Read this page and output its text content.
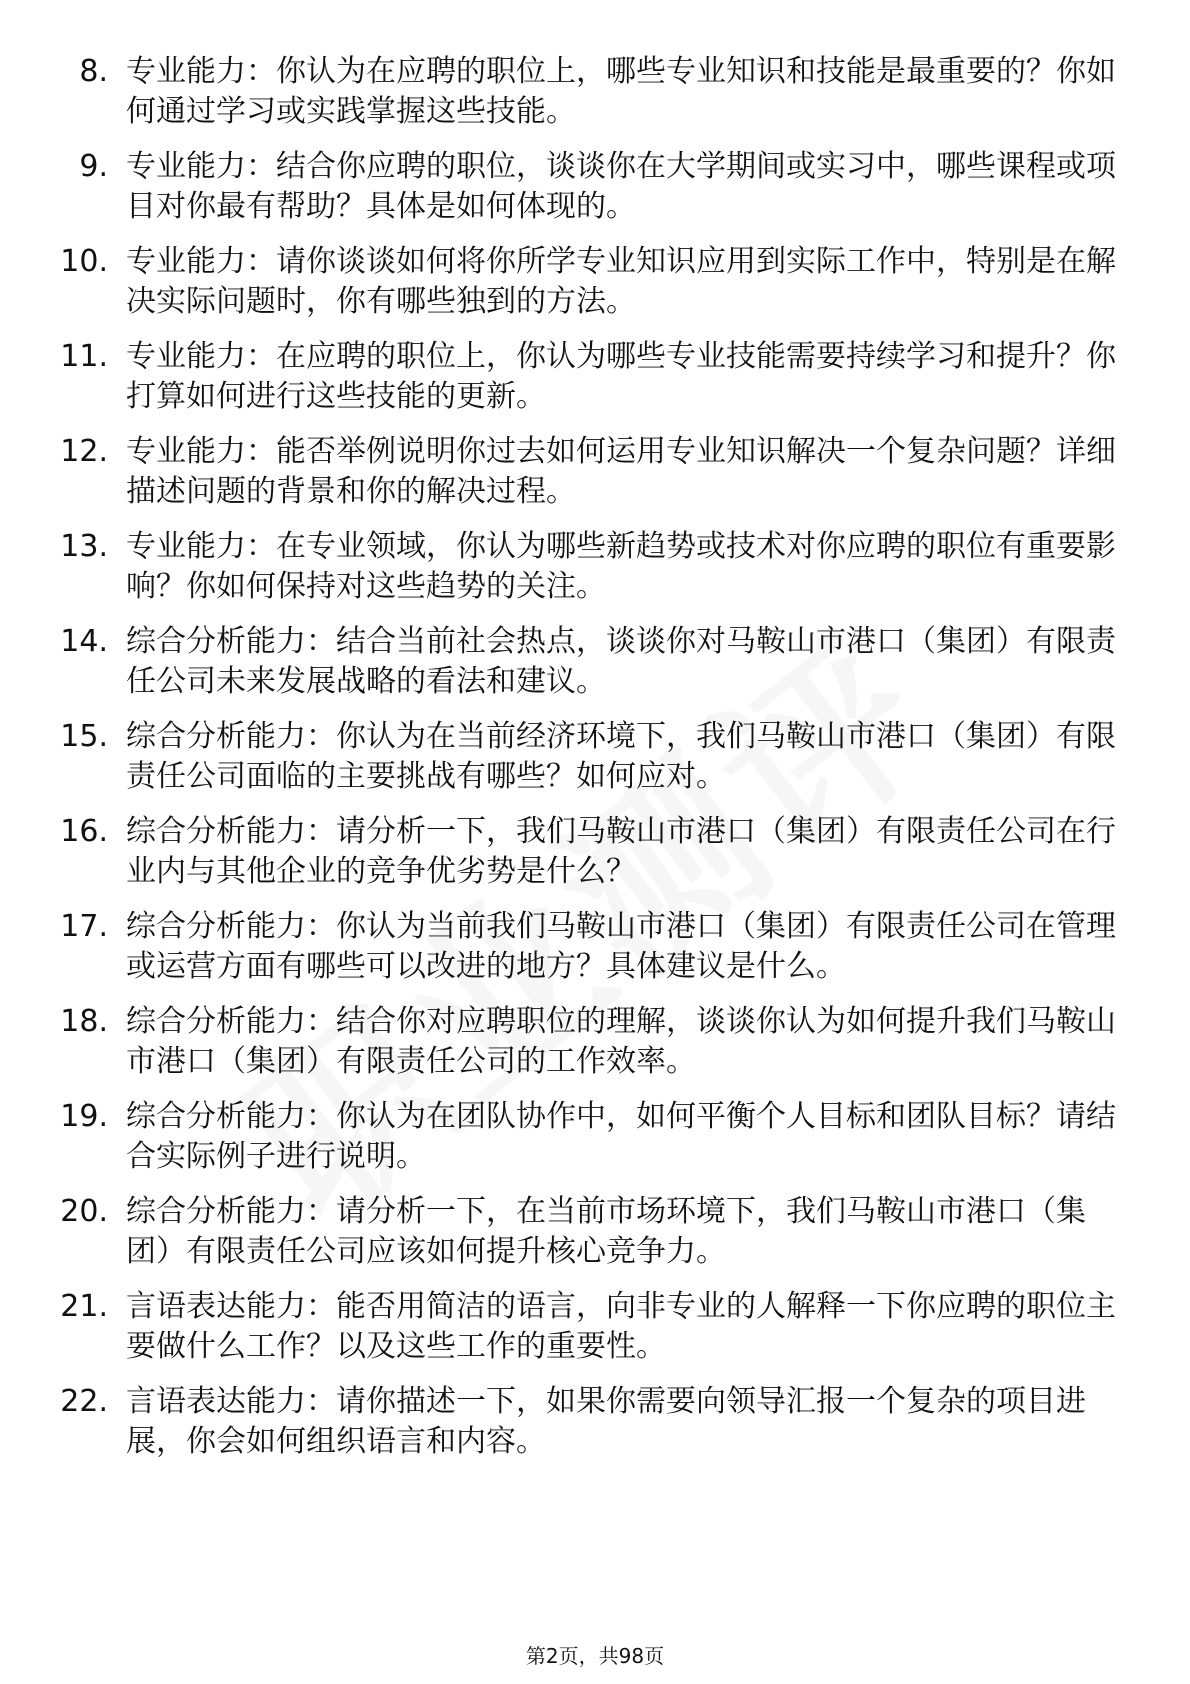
8. 专业能力：你认为在应聘的职位上，哪些专业知识和技能是最重要的？你如何通过学习或实践掌握这些技能。
9. 专业能力：结合你应聘的职位，谈谈你在大学期间或实习中，哪些课程或项目对你最有帮助？具体是如何体现的。
10. 专业能力：请你谈谈如何将你所学专业知识应用到实际工作中，特别是在解决实际问题时，你有哪些独到的方法。
11. 专业能力：在应聘的职位上，你认为哪些专业技能需要持续学习和提升？你打算如何进行这些技能的更新。
12. 专业能力：能否举例说明你过去如何运用专业知识解决一个复杂问题？详细描述问题的背景和你的解决过程。
13. 专业能力：在专业领域，你认为哪些新趋势或技术对你应聘的职位有重要影响？你如何保持对这些趋势的关注。
14. 综合分析能力：结合当前社会热点，谈谈你对马鞍山市港口（集团）有限责任公司未来发展战略的看法和建议。
15. 综合分析能力：你认为在当前经济环境下，我们马鞍山市港口（集团）有限责任公司面临的主要挑战有哪些？如何应对。
16. 综合分析能力：请分析一下，我们马鞍山市港口（集团）有限责任公司在行业内与其他企业的竞争优劣势是什么？
17. 综合分析能力：你认为当前我们马鞍山市港口（集团）有限责任公司在管理或运营方面有哪些可以改进的地方？具体建议是什么。
18. 综合分析能力：结合你对应聘职位的理解，谈谈你认为如何提升我们马鞍山市港口（集团）有限责任公司的工作效率。
19. 综合分析能力：你认为在团队协作中，如何平衡个人目标和团队目标？请结合实际例子进行说明。
20. 综合分析能力：请分析一下，在当前市场环境下，我们马鞍山市港口（集团）有限责任公司应该如何提升核心竞争力。
21. 言语表达能力：能否用简洁的语言，向非专业的人解释一下你应聘的职位主要做什么工作？以及这些工作的重要性。
22. 言语表达能力：请你描述一下，如果你需要向领导汇报一个复杂的项目进展，你会如何组织语言和内容。
第2页，共98页
